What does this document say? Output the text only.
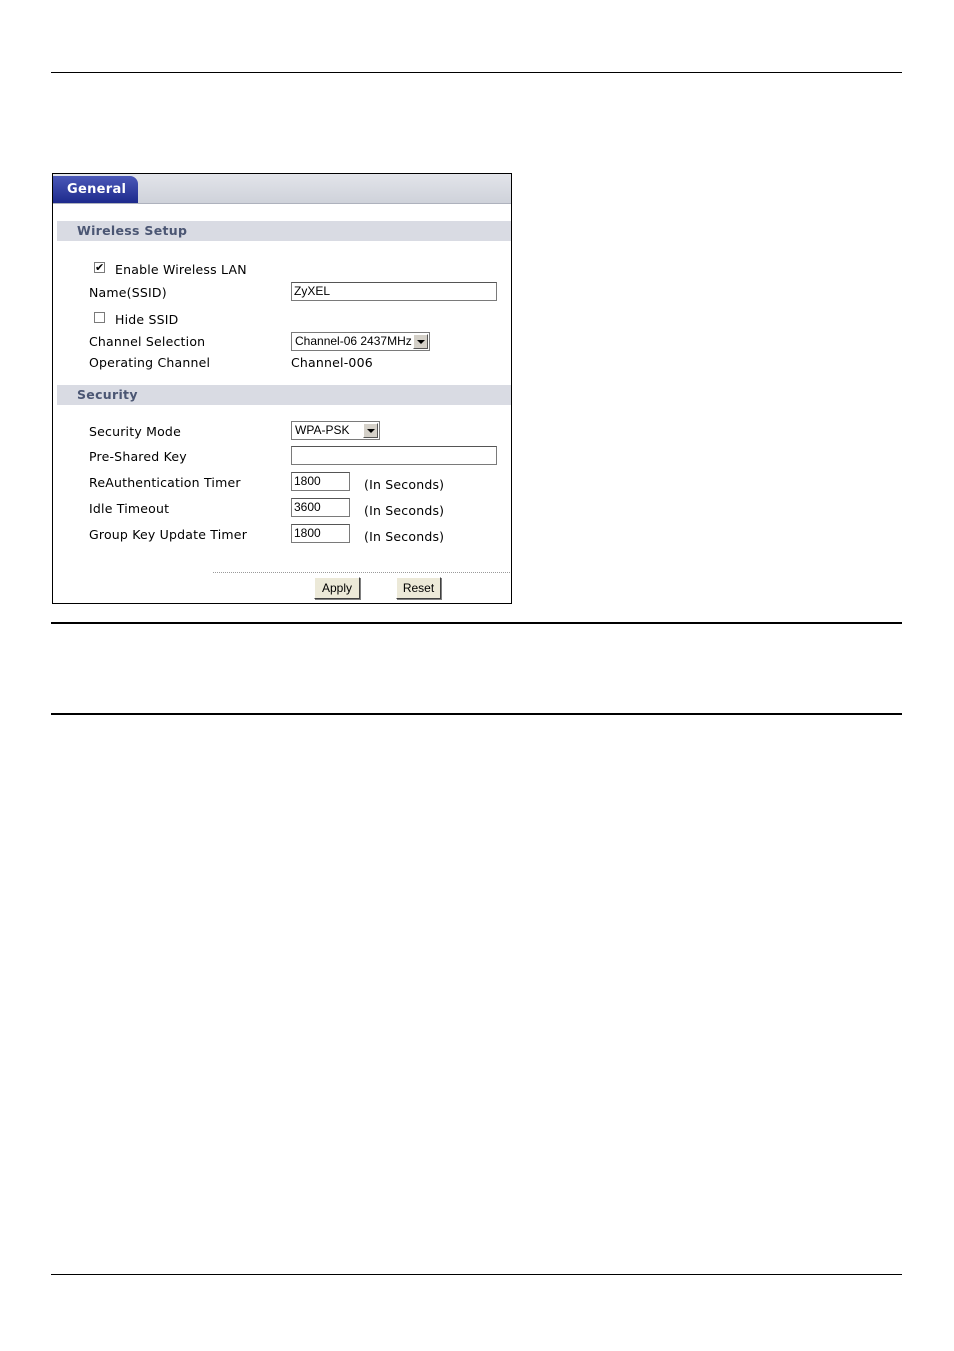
General
Wireless Setup
✔ Enable Wireless LAN
Name(SSID)	ZyXEL
Hide SSID
Channel Selection	Channel-06 2437MHz
Operating Channel	Channel-006
Security
Security Mode	WPA-PSK
Pre-Shared Key
ReAuthentication Timer	1800	(In Seconds)
Idle Timeout	3600	(In Seconds)
Group Key Update Timer	1800	(In Seconds)
Apply	Reset
